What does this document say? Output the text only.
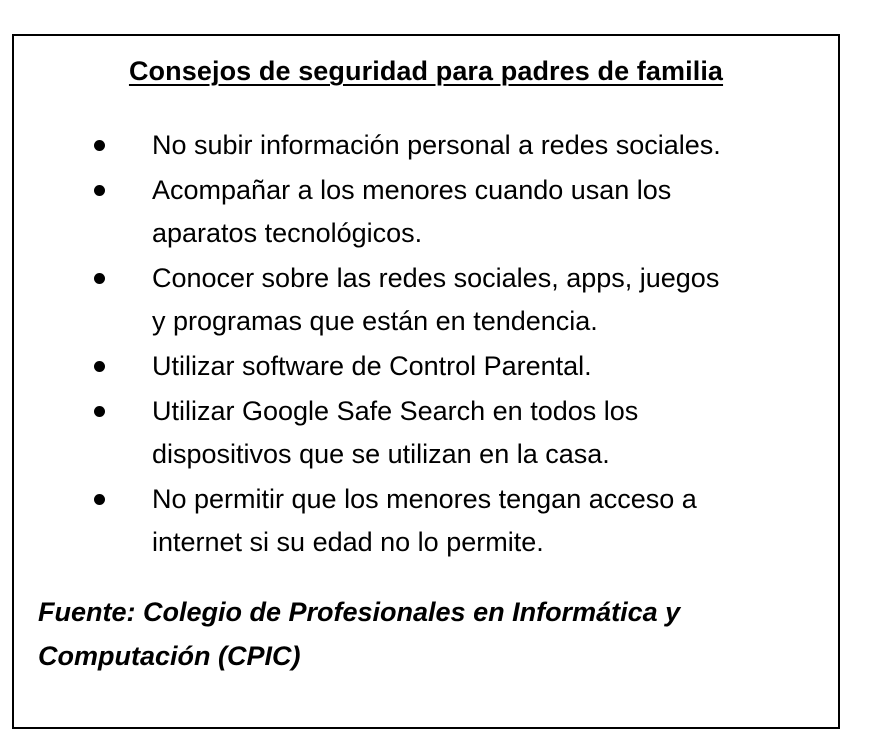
Consejos de seguridad para padres de familia
No subir información personal a redes sociales.
Acompañar a los menores cuando usan los
aparatos tecnológicos.
Conocer sobre las redes sociales, apps, juegos
y programas que están en tendencia.
Utilizar software de Control Parental.
Utilizar Google Safe Search en todos los
dispositivos que se utilizan en la casa.
No permitir que los menores tengan acceso a
internet si su edad no lo permite.
Fuente: Colegio de Profesionales en Informática y
Computación (CPIC)
